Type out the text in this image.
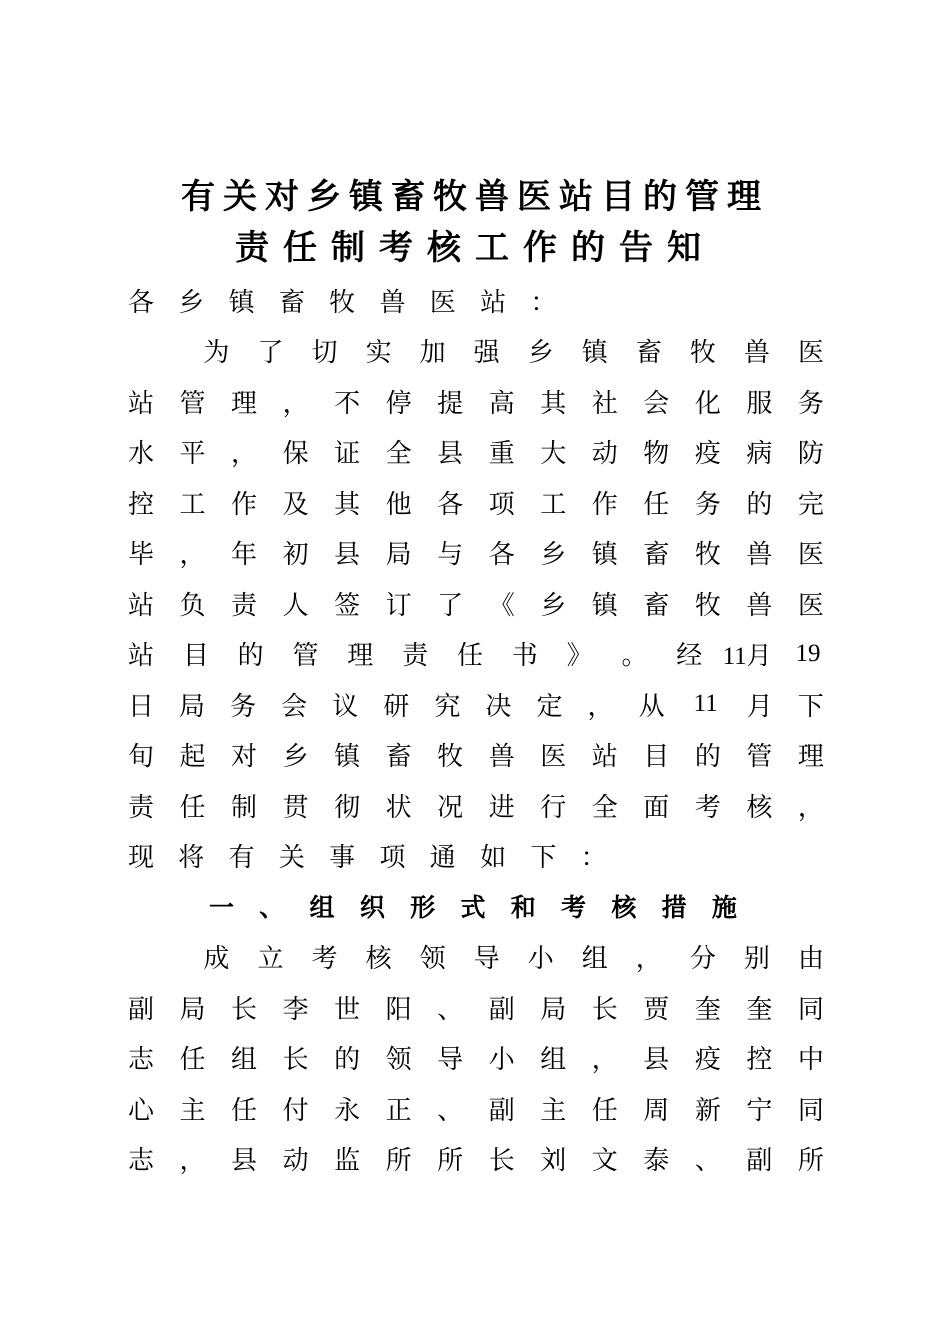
有关对乡镇畜牧兽医站目的管理
责任制考核工作的告知
各 乡 镇 畜 牧 兽 医 站 ：
为	了	切	实	加	强	乡	镇	畜	牧	兽	医
站 管 理 ， 不 停 提 高 其 社 会 化 服 务
水 平 ， 保 证 全 县 重 大 动 物 疫 病 防
控 工 作 及 其 他 各 项 工 作 任 务 的 完
毕 ， 年 初 县 局 与 各 乡 镇 畜 牧 兽 医
站 负 责 人 签 订 了 《 乡 镇 畜 牧 兽 医
站	目	的	管	理	责	任	书	》	。	经 11月 19
日 局 务 会 议 研 究 决 定 ， 从	11	月 下
旬 起 对 乡 镇 畜 牧 兽 医 站 目 的 管 理
责 任 制 贯 彻 状 况 进 行 全 面 考 核 ，
现 将 有 关 事 项 通 如 下 ：
一	、	组	织	形	式	和	考	核	措	施
成	立	考	核	领	导	小	组	，	分	别	由
副 局 长 李 世 阳 、 副 局 长 贾 奎 奎 同
志 任 组 长 的 领 导 小 组 ， 县 疫 控 中
心 主 任 付 永 正 、 副 主 任 周 新 宁 同
志 ， 县 动 监 所 所 长 刘 文 泰 、 副 所
